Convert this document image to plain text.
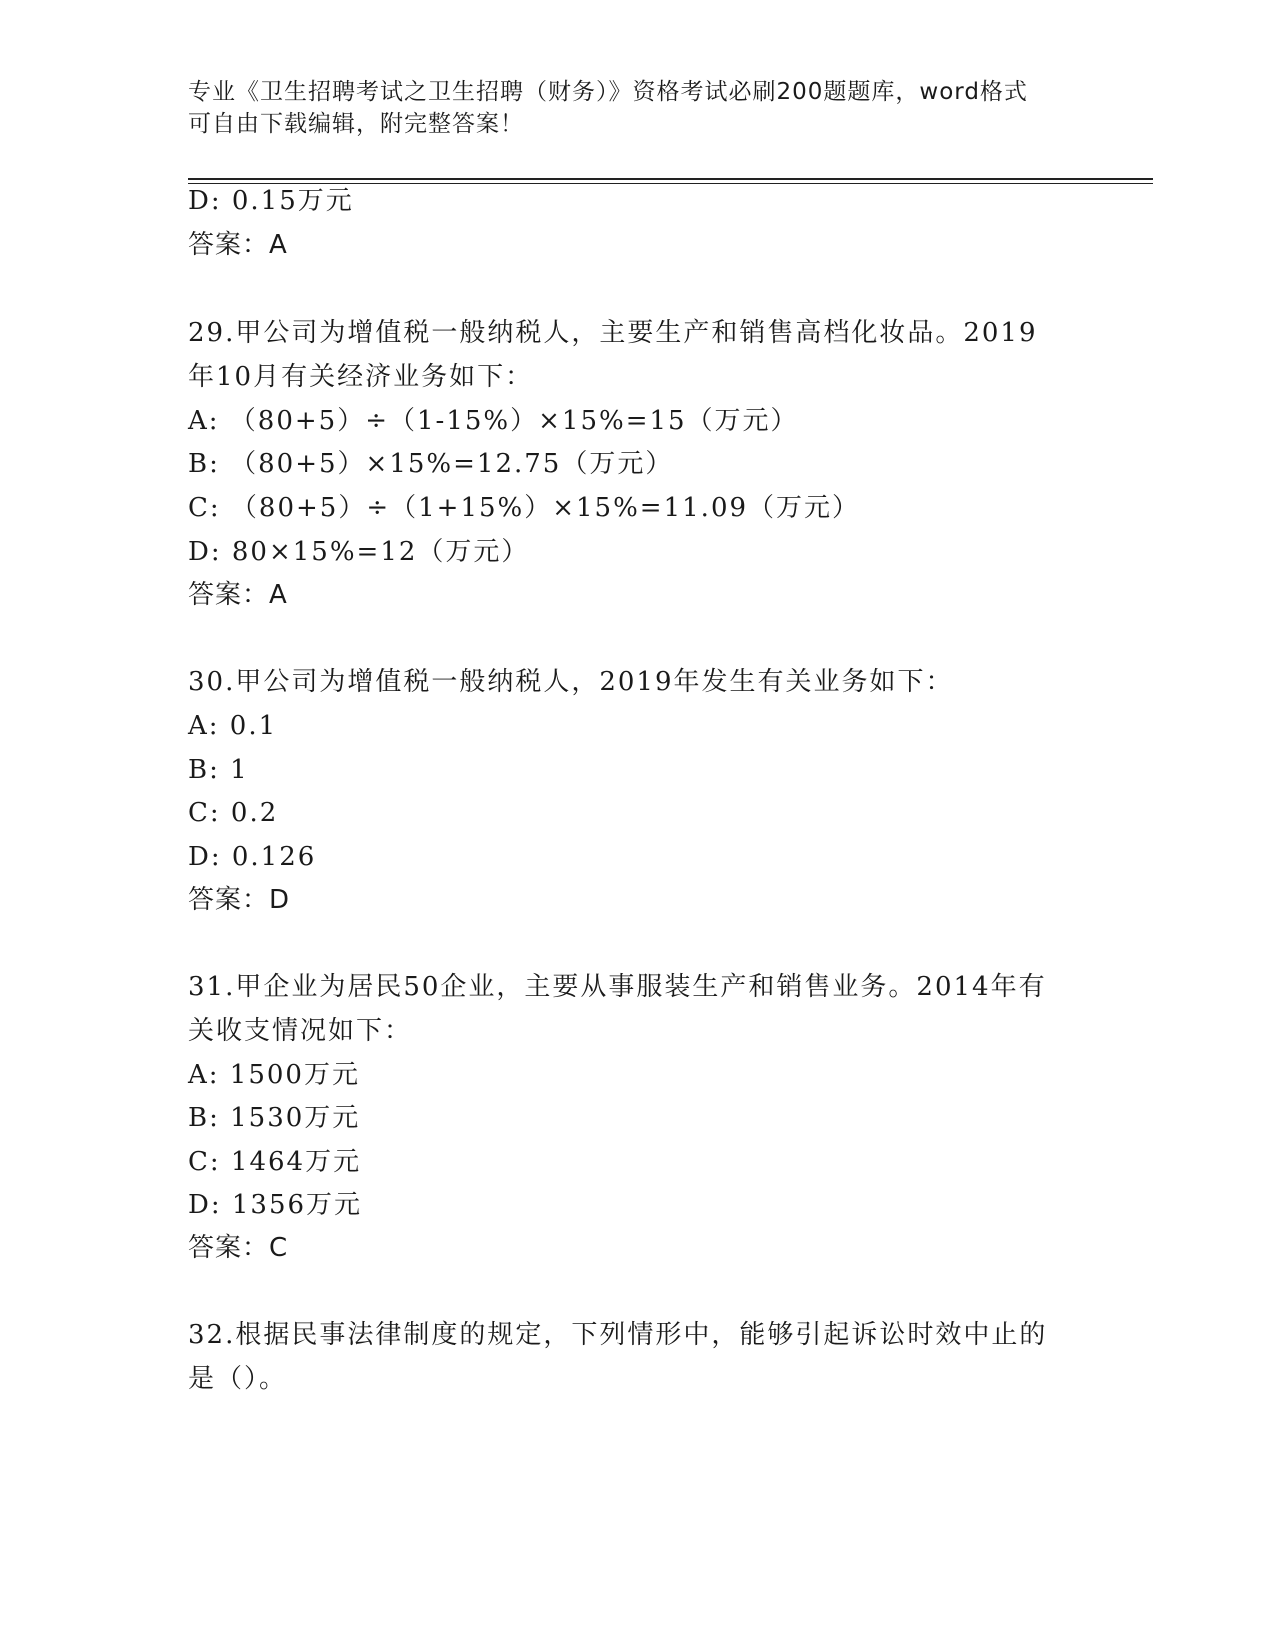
专业《卫生招聘考试之卫生招聘（财务）》资格考试必刷200题题库，word格式
可自由下载编辑，附完整答案！
D: 0.15万元
答案：A
29.甲公司为增值税一般纳税人，主要生产和销售高档化妆品。2019
年10月有关经济业务如下：
A: （80+5）÷（1-15%）×15%=15（万元）
B: （80+5）×15%=12.75（万元）
C: （80+5）÷（1+15%）×15%=11.09（万元）
D: 80×15%=12（万元）
答案：A
30.甲公司为增值税一般纳税人，2019年发生有关业务如下：
A: 0.1
B: 1
C: 0.2
D: 0.126
答案：D
31.甲企业为居民50企业，主要从事服装生产和销售业务。2014年有
关收支情况如下：
A: 1500万元
B: 1530万元
C: 1464万元
D: 1356万元
答案：C
32.根据民事法律制度的规定，下列情形中，能够引起诉讼时效中止的
是（）。
